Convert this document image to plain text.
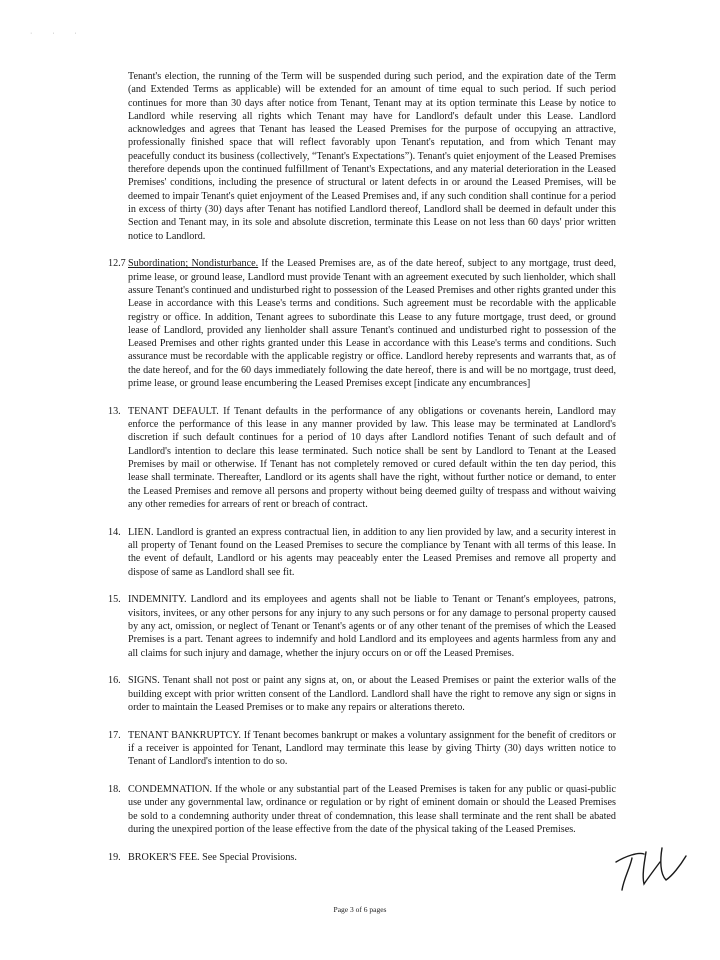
· · ·

Tenant's election, the running of the Term will be suspended during such period, and the expiration date of the Term (and Extended Terms as applicable) will be extended for an amount of time equal to such period. If such period continues for more than 30 days after notice from Tenant, Tenant may at its option terminate this Lease by notice to Landlord while reserving all rights which Tenant may have for Landlord's default under this Lease. Landlord acknowledges and agrees that Tenant has leased the Leased Premises for the purpose of occupying an attractive, professionally finished space that will reflect favorably upon Tenant's reputation, and from which Tenant may peacefully conduct its business (collectively, “Tenant's Expectations”). Tenant's quiet enjoyment of the Leased Premises therefore depends upon the continued fulfillment of Tenant's Expectations, and any material deterioration in the Leased Premises' conditions, including the presence of structural or latent defects in or around the Leased Premises, will be deemed to impair Tenant's quiet enjoyment of the Leased Premises and, if any such condition shall continue for a period in excess of thirty (30) days after Tenant has notified Landlord thereof, Landlord shall be deemed in default under this Section and Tenant may, in its sole and absolute discretion, terminate this Lease on not less than 60 days' prior written notice to Landlord.

12.7 Subordination; Nondisturbance. If the Leased Premises are, as of the date hereof, subject to any mortgage, trust deed, prime lease, or ground lease, Landlord must provide Tenant with an agreement executed by such lienholder, which shall assure Tenant's continued and undisturbed right to possession of the Leased Premises and other rights granted under this Lease in accordance with this Lease's terms and conditions. Such agreement must be recordable with the applicable registry or office. In addition, Tenant agrees to subordinate this Lease to any future mortgage, trust deed, or ground lease of Landlord, provided any lienholder shall assure Tenant's continued and undisturbed right to possession of the Leased Premises and other rights granted under this Lease in accordance with this Lease's terms and conditions. Such assurance must be recordable with the applicable registry or office. Landlord hereby represents and warrants that, as of the date hereof, and for the 60 days immediately following the date hereof, there is and will be no mortgage, trust deed, prime lease, or ground lease encumbering the Leased Premises except [indicate any encumbrances]

13. TENANT DEFAULT. If Tenant defaults in the performance of any obligations or covenants herein, Landlord may enforce the performance of this lease in any manner provided by law. This lease may be terminated at Landlord's discretion if such default continues for a period of 10 days after Landlord notifies Tenant of such default and of Landlord's intention to declare this lease terminated. Such notice shall be sent by Landlord to Tenant at the Leased Premises by mail or otherwise. If Tenant has not completely removed or cured default within the ten day period, this lease shall terminate. Thereafter, Landlord or its agents shall have the right, without further notice or demand, to enter the Leased Premises and remove all persons and property without being deemed guilty of trespass and without waiving any other remedies for arrears of rent or breach of contract.

14. LIEN. Landlord is granted an express contractual lien, in addition to any lien provided by law, and a security interest in all property of Tenant found on the Leased Premises to secure the compliance by Tenant with all terms of this lease. In the event of default, Landlord or his agents may peaceably enter the Leased Premises and remove all property and dispose of same as Landlord shall see fit.

15. INDEMNITY. Landlord and its employees and agents shall not be liable to Tenant or Tenant's employees, patrons, visitors, invitees, or any other persons for any injury to any such persons or for any damage to personal property caused by any act, omission, or neglect of Tenant or Tenant's agents or of any other tenant of the premises of which the Leased Premises is a part. Tenant agrees to indemnify and hold Landlord and its employees and agents harmless from any and all claims for such injury and damage, whether the injury occurs on or off the Leased Premises.

16. SIGNS. Tenant shall not post or paint any signs at, on, or about the Leased Premises or paint the exterior walls of the building except with prior written consent of the Landlord. Landlord shall have the right to remove any sign or signs in order to maintain the Leased Premises or to make any repairs or alterations thereto.

17. TENANT BANKRUPTCY. If Tenant becomes bankrupt or makes a voluntary assignment for the benefit of creditors or if a receiver is appointed for Tenant, Landlord may terminate this lease by giving Thirty (30) days written notice to Tenant of Landlord's intention to do so.

18. CONDEMNATION. If the whole or any substantial part of the Leased Premises is taken for any public or quasi-public use under any governmental law, ordinance or regulation or by right of eminent domain or should the Leased Premises be sold to a condemning authority under threat of condemnation, this lease shall terminate and the rent shall be abated during the unexpired portion of the lease effective from the date of the physical taking of the Leased Premises.

19. BROKER'S FEE. See Special Provisions.

Page 3 of 6 pages
